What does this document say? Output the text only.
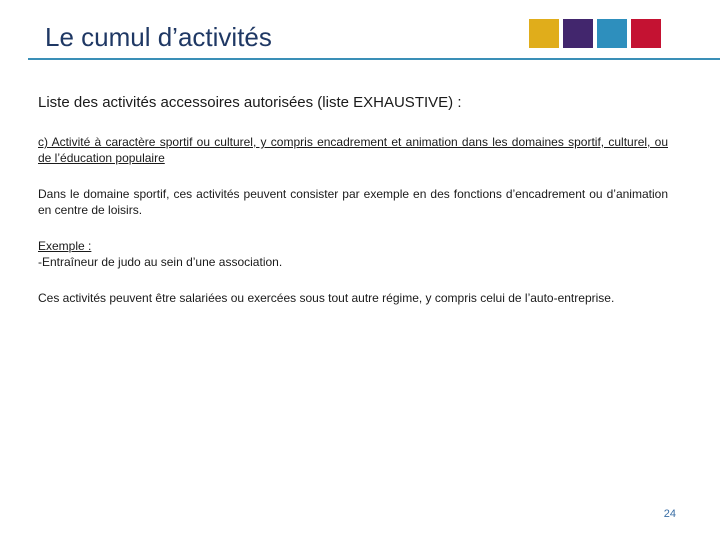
Le cumul d’activités

Liste des activités accessoires autorisées (liste EXHAUSTIVE) :

c) Activité à caractère sportif ou culturel, y compris encadrement et animation dans les domaines sportif, culturel, ou de l’éducation populaire

Dans le domaine sportif, ces activités peuvent consister par exemple en des fonctions d’encadrement ou d’animation en centre de loisirs.

Exemple :
-Entraîneur de judo au sein d’une association.

Ces activités peuvent être salariées ou exercées sous tout autre régime, y compris celui de l’auto-entreprise.

24
